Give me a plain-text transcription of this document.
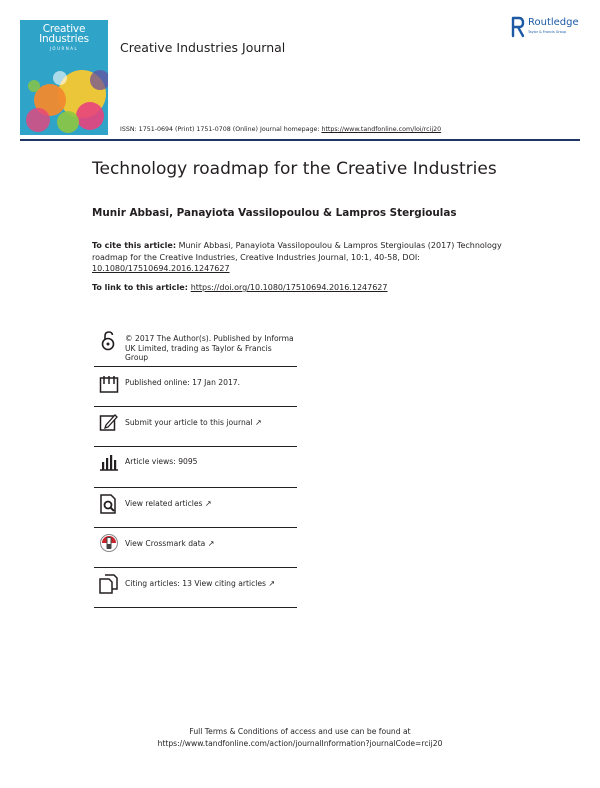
Creative
Industries
JOURNAL	Creative Industries Journal
Routledge
Taylor & Francis Group
ISSN: 1751-0694 (Print) 1751-0708 (Online) Journal homepage: https://www.tandfonline.com/loi/rcij20
Technology roadmap for the Creative Industries
Munir Abbasi, Panayiota Vassilopoulou & Lampros Stergioulas
To cite this article: Munir Abbasi, Panayiota Vassilopoulou & Lampros Stergioulas (2017) Technology roadmap for the Creative Industries, Creative Industries Journal, 10:1, 40-58, DOI: 10.1080/17510694.2016.1247627
To link to this article: https://doi.org/10.1080/17510694.2016.1247627
© 2017 The Author(s). Published by Informa UK Limited, trading as Taylor & Francis Group
Published online: 17 Jan 2017.
Submit your article to this journal ↗
Article views: 9095
View related articles ↗
View Crossmark data ↗
Citing articles: 13 View citing articles ↗
Full Terms & Conditions of access and use can be found at
https://www.tandfonline.com/action/journalInformation?journalCode=rcij20
